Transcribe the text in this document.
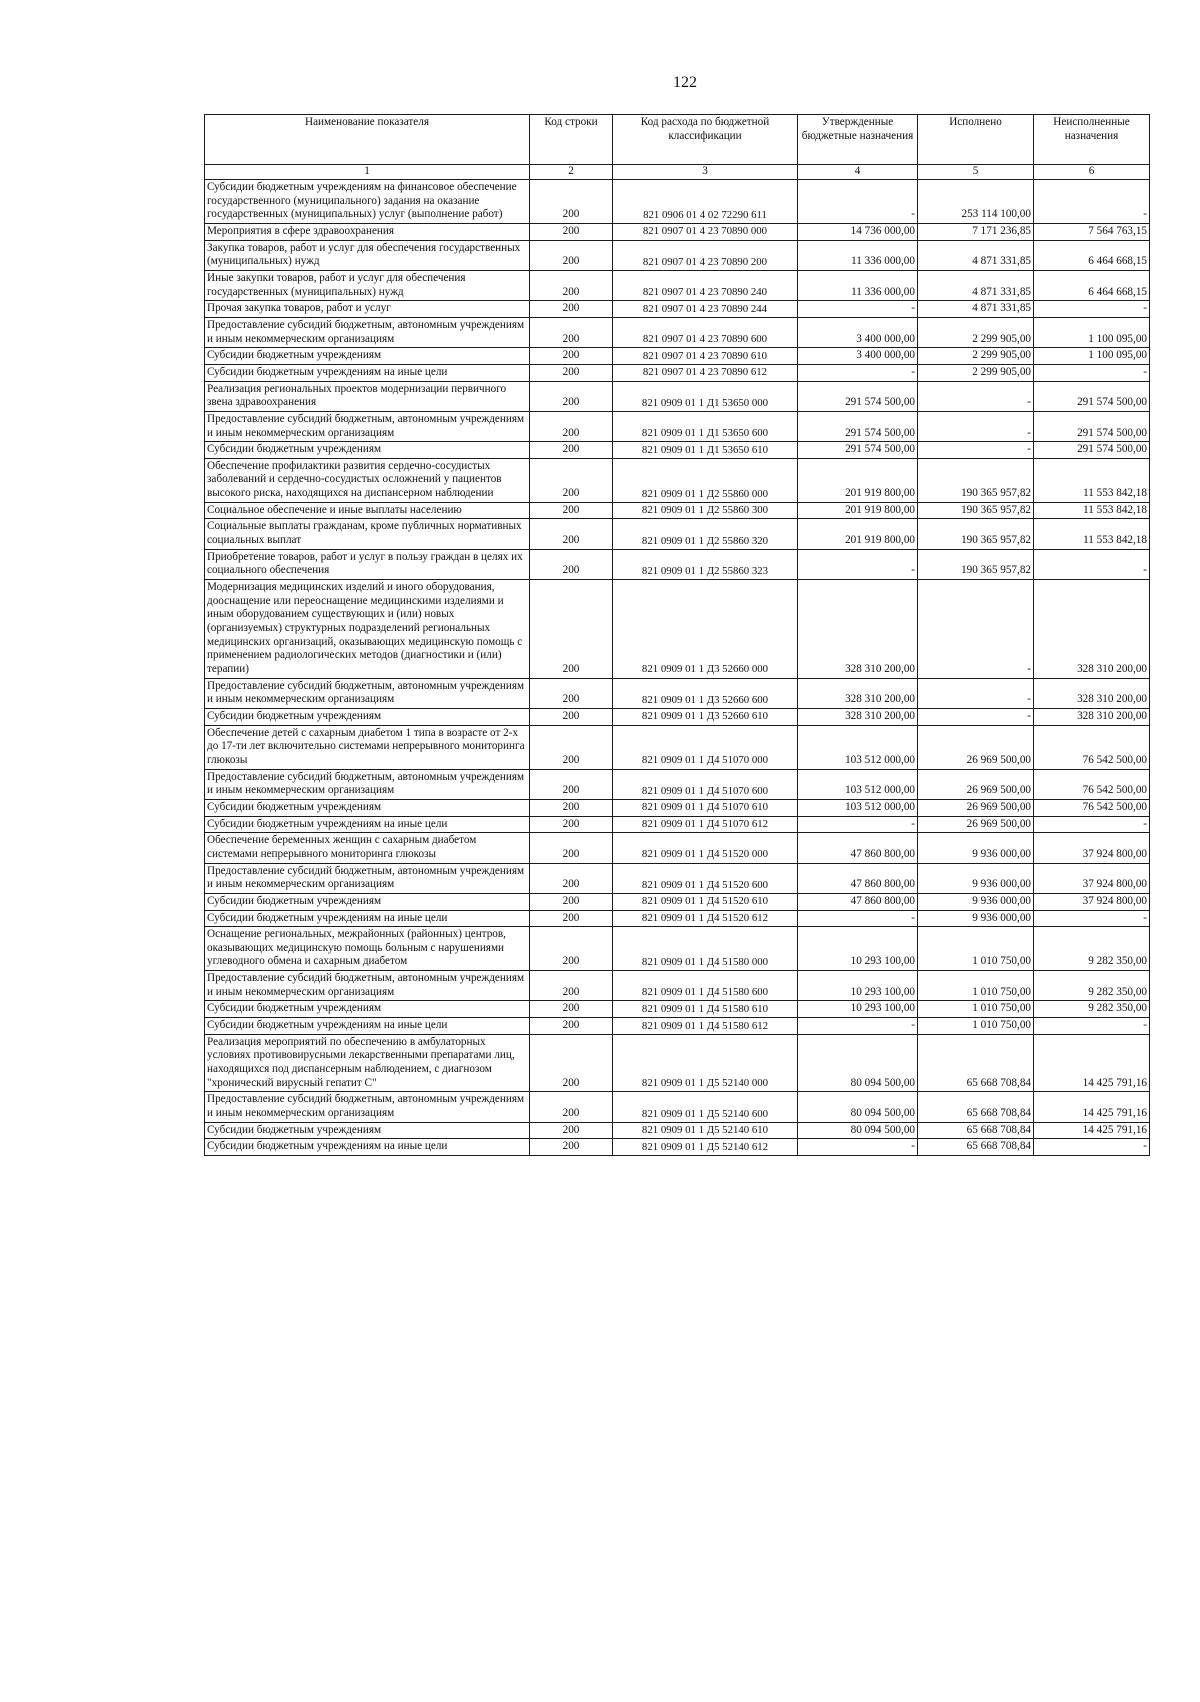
122
Наименование показателя	Код строки	Код расхода по бюджетной классификации	Утвержденные бюджетные назначения	Исполнено	Неисполненные назначения
1	2	3	4	5	6
Субсидии бюджетным учреждениям на финансовое обеспечение государственного (муниципального) задания на оказание государственных (муниципальных) услуг (выполнение работ)	200	821 0906 01 4 02 72290 611	-	253 114 100,00	-
Мероприятия в сфере здравоохранения	200	821 0907 01 4 23 70890 000	14 736 000,00	7 171 236,85	7 564 763,15
Закупка товаров, работ и услуг для обеспечения государственных (муниципальных) нужд	200	821 0907 01 4 23 70890 200	11 336 000,00	4 871 331,85	6 464 668,15
Иные закупки товаров, работ и услуг для обеспечения государственных (муниципальных) нужд	200	821 0907 01 4 23 70890 240	11 336 000,00	4 871 331,85	6 464 668,15
Прочая закупка товаров, работ и услуг	200	821 0907 01 4 23 70890 244	-	4 871 331,85	-
Предоставление субсидий бюджетным, автономным учреждениям и иным некоммерческим организациям	200	821 0907 01 4 23 70890 600	3 400 000,00	2 299 905,00	1 100 095,00
Субсидии бюджетным учреждениям	200	821 0907 01 4 23 70890 610	3 400 000,00	2 299 905,00	1 100 095,00
Субсидии бюджетным учреждениям на иные цели	200	821 0907 01 4 23 70890 612	-	2 299 905,00	-
Реализация региональных проектов модернизации первичного звена здравоохранения	200	821 0909 01 1 Д1 53650 000	291 574 500,00	-	291 574 500,00
Предоставление субсидий бюджетным, автономным учреждениям и иным некоммерческим организациям	200	821 0909 01 1 Д1 53650 600	291 574 500,00	-	291 574 500,00
Субсидии бюджетным учреждениям	200	821 0909 01 1 Д1 53650 610	291 574 500,00	-	291 574 500,00
Обеспечение профилактики развития сердечно-сосудистых заболеваний и сердечно-сосудистых осложнений у пациентов высокого риска, находящихся на диспансерном наблюдении	200	821 0909 01 1 Д2 55860 000	201 919 800,00	190 365 957,82	11 553 842,18
Социальное обеспечение и иные выплаты населению	200	821 0909 01 1 Д2 55860 300	201 919 800,00	190 365 957,82	11 553 842,18
Социальные выплаты гражданам, кроме публичных нормативных социальных выплат	200	821 0909 01 1 Д2 55860 320	201 919 800,00	190 365 957,82	11 553 842,18
Приобретение товаров, работ и услуг в пользу граждан в целях их социального обеспечения	200	821 0909 01 1 Д2 55860 323	-	190 365 957,82	-
Модернизация медицинских изделий и иного оборудования, дооснащение или переоснащение медицинскими изделиями и иным оборудованием существующих и (или) новых (организуемых) структурных подразделений региональных медицинских организаций, оказывающих медицинскую помощь с применением радиологических методов (диагностики и (или) терапии)	200	821 0909 01 1 Д3 52660 000	328 310 200,00	-	328 310 200,00
Предоставление субсидий бюджетным, автономным учреждениям и иным некоммерческим организациям	200	821 0909 01 1 Д3 52660 600	328 310 200,00	-	328 310 200,00
Субсидии бюджетным учреждениям	200	821 0909 01 1 Д3 52660 610	328 310 200,00	-	328 310 200,00
Обеспечение детей с сахарным диабетом 1 типа в возрасте от 2-х до 17-ти лет включительно системами непрерывного мониторинга глюкозы	200	821 0909 01 1 Д4 51070 000	103 512 000,00	26 969 500,00	76 542 500,00
Предоставление субсидий бюджетным, автономным учреждениям и иным некоммерческим организациям	200	821 0909 01 1 Д4 51070 600	103 512 000,00	26 969 500,00	76 542 500,00
Субсидии бюджетным учреждениям	200	821 0909 01 1 Д4 51070 610	103 512 000,00	26 969 500,00	76 542 500,00
Субсидии бюджетным учреждениям на иные цели	200	821 0909 01 1 Д4 51070 612	-	26 969 500,00	-
Обеспечение беременных женщин с сахарным диабетом системами непрерывного мониторинга глюкозы	200	821 0909 01 1 Д4 51520 000	47 860 800,00	9 936 000,00	37 924 800,00
Предоставление субсидий бюджетным, автономным учреждениям и иным некоммерческим организациям	200	821 0909 01 1 Д4 51520 600	47 860 800,00	9 936 000,00	37 924 800,00
Субсидии бюджетным учреждениям	200	821 0909 01 1 Д4 51520 610	47 860 800,00	9 936 000,00	37 924 800,00
Субсидии бюджетным учреждениям на иные цели	200	821 0909 01 1 Д4 51520 612	-	9 936 000,00	-
Оснащение региональных, межрайонных (районных) центров, оказывающих медицинскую помощь больным с нарушениями углеводного обмена и сахарным диабетом	200	821 0909 01 1 Д4 51580 000	10 293 100,00	1 010 750,00	9 282 350,00
Предоставление субсидий бюджетным, автономным учреждениям и иным некоммерческим организациям	200	821 0909 01 1 Д4 51580 600	10 293 100,00	1 010 750,00	9 282 350,00
Субсидии бюджетным учреждениям	200	821 0909 01 1 Д4 51580 610	10 293 100,00	1 010 750,00	9 282 350,00
Субсидии бюджетным учреждениям на иные цели	200	821 0909 01 1 Д4 51580 612	-	1 010 750,00	-
Реализация мероприятий по обеспечению в амбулаторных условиях противовирусными лекарственными препаратами лиц, находящихся под диспансерным наблюдением, с диагнозом "хронический вирусный гепатит С"	200	821 0909 01 1 Д5 52140 000	80 094 500,00	65 668 708,84	14 425 791,16
Предоставление субсидий бюджетным, автономным учреждениям и иным некоммерческим организациям	200	821 0909 01 1 Д5 52140 600	80 094 500,00	65 668 708,84	14 425 791,16
Субсидии бюджетным учреждениям	200	821 0909 01 1 Д5 52140 610	80 094 500,00	65 668 708,84	14 425 791,16
Субсидии бюджетным учреждениям на иные цели	200	821 0909 01 1 Д5 52140 612	-	65 668 708,84	-
